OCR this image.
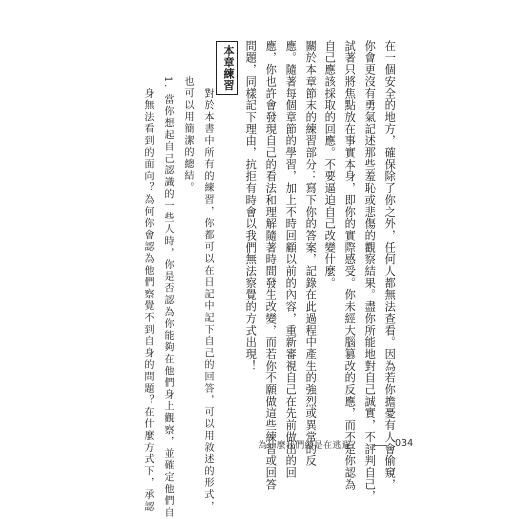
在一個安全的地方，確保除了你之外，任何人都無法查看。因為若你擔憂有人會偷窺，

你會更沒有勇氣記述那些羞恥或悲傷的觀察結果。盡你所能地對自己誠實，不評判自己，

試著只將焦點放在事實本身，即你的實際感受。你未經大腦篡改的反應，而不是你認為

自己應該採取的回應。不要逼迫自己改變什麼。

關於本章節末的練習部分：寫下你的答案，記錄在此過程中產生的強烈或異常的反

應。隨著每個章節的學習，加上不時回顧以前的內容，重新審視自己在先前做出的回

應，你也許會發現自己的看法和理解隨著時間發生改變，而若你不願做這些練習或回答

問題，同樣記下理由，抗拒有時會以我們無法察覺的方式出現！

本章練習

對於本書中所有的練習，你都可以在日記中記下自己的回答，可以用敘述的形式，

也可以用簡潔的總結。

1. 當你想起自己認識的一些人時，你是否認為你能夠在他們身上觀察，並確定他們自

身無法看到的面向？為何你會認為他們察覺不到自身的問題？在什麼方式下，承認	為什麼我們總是在逃避？	034
